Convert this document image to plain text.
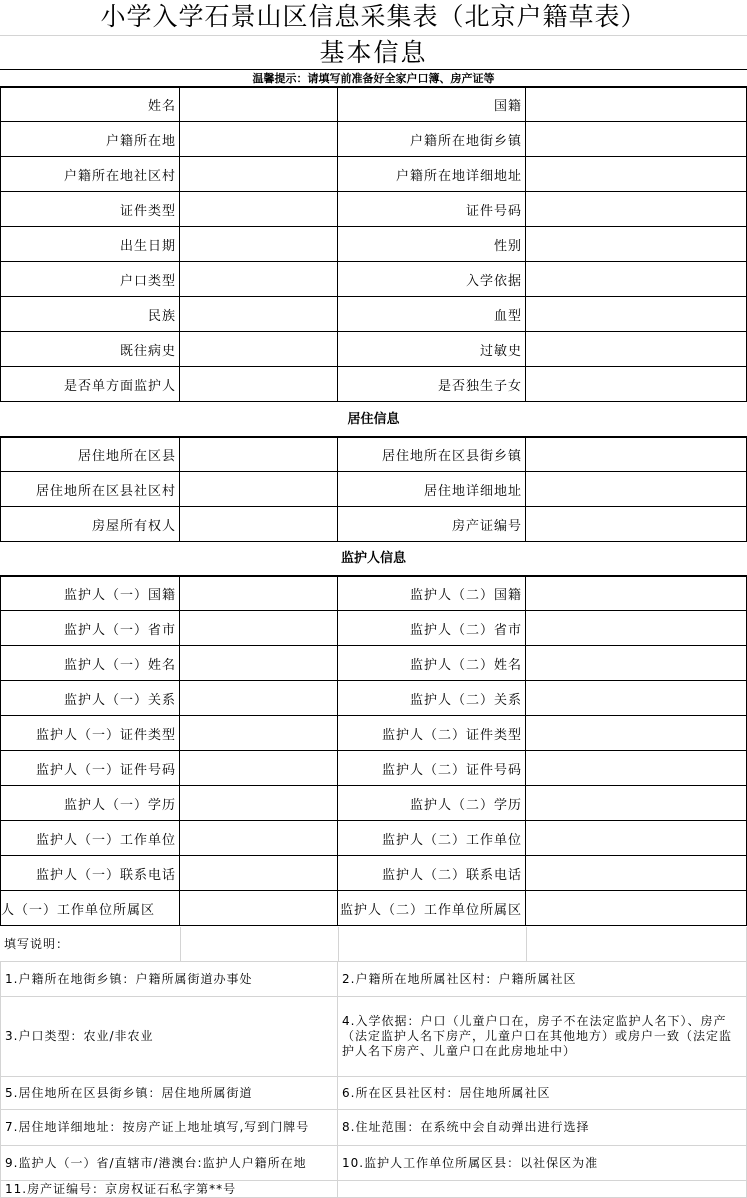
小学入学石景山区信息采集表（北京户籍草表）
基本信息
温馨提示：请填写前准备好全家户口簿、房产证等
姓名	国籍
户籍所在地	户籍所在地街乡镇
户籍所在地社区村	户籍所在地详细地址
证件类型	证件号码
出生日期	性别
户口类型	入学依据
民族	血型
既往病史	过敏史
是否单方面监护人	是否独生子女
居住信息
居住地所在区县	居住地所在区县街乡镇
居住地所在区县社区村	居住地详细地址
房屋所有权人	房产证编号
监护人信息
监护人（一）国籍	监护人（二）国籍
监护人（一）省市	监护人（二）省市
监护人（一）姓名	监护人（二）姓名
监护人（一）关系	监护人（二）关系
监护人（一）证件类型	监护人（二）证件类型
监护人（一）证件号码	监护人（二）证件号码
监护人（一）学历	监护人（二）学历
监护人（一）工作单位	监护人（二）工作单位
监护人（一）联系电话	监护人（二）联系电话
人（一）工作单位所属区	监护人（二）工作单位所属区
填写说明：
1.户籍所在地街乡镇：户籍所属街道办事处	2.户籍所在地所属社区村：户籍所属社区
3.户口类型：农业/非农业
4.入学依据：户口（儿童户口在，房子不在法定监护人名下）、房产（法定监护人名下房产，儿童户口在其他地方）或房户一致（法定监护人名下房产、儿童户口在此房地址中）
5.居住地所在区县街乡镇：居住地所属街道	6.所在区县社区村：居住地所属社区
7.居住地详细地址：按房产证上地址填写,写到门牌号	8.住址范围：在系统中会自动弹出进行选择
9.监护人（一）省/直辖市/港澳台:监护人户籍所在地	10.监护人工作单位所属区县：以社保区为准
11.房产证编号：京房权证石私字第**号
